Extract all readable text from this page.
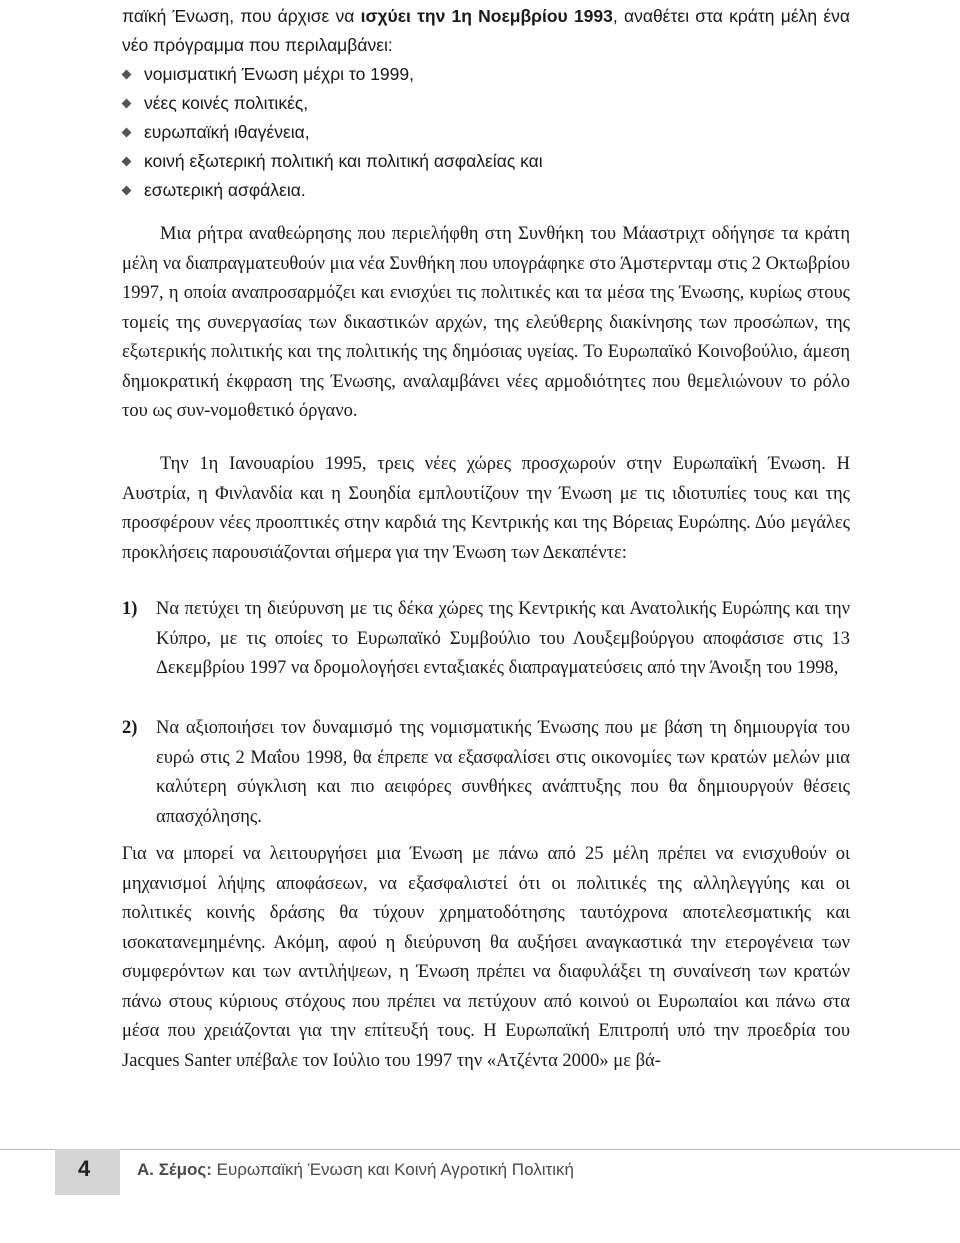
παϊκή Ένωση, που άρχισε να ισχύει την 1η Νοεμβρίου 1993, αναθέτει στα κράτη μέλη ένα νέο πρόγραμμα που περιλαμβάνει:

νομισματική Ένωση μέχρι το 1999,
νέες κοινές πολιτικές,
ευρωπαϊκή ιθαγένεια,
κοινή εξωτερική πολιτική και πολιτική ασφαλείας και
εσωτερική ασφάλεια.

Μια ρήτρα αναθεώρησης που περιελήφθη στη Συνθήκη του Μάαστριχτ οδήγησε τα κράτη μέλη να διαπραγματευθούν μια νέα Συνθήκη που υπογράφηκε στο Άμστερνταμ στις 2 Οκτωβρίου 1997, η οποία αναπροσαρμόζει και ενισχύει τις πολιτικές και τα μέσα της Ένωσης, κυρίως στους τομείς της συνεργασίας των δικαστικών αρχών, της ελεύθερης διακίνησης των προσώπων, της εξωτερικής πολιτικής και της πολιτικής της δημόσιας υγείας. Το Ευρωπαϊκό Κοινοβούλιο, άμεση δημοκρατική έκφραση της Ένωσης, αναλαμβάνει νέες αρμοδιότητες που θεμελιώνουν το ρόλο του ως συν-νομοθετικό όργανο.

Την 1η Ιανουαρίου 1995, τρεις νέες χώρες προσχωρούν στην Ευρωπαϊκή Ένωση. Η Αυστρία, η Φινλανδία και η Σουηδία εμπλουτίζουν την Ένωση με τις ιδιοτυπίες τους και της προσφέρουν νέες προοπτικές στην καρδιά της Κεντρικής και της Βόρειας Ευρώπης. Δύο μεγάλες προκλήσεις παρουσιάζονται σήμερα για την Ένωση των Δεκαπέντε:

1) Να πετύχει τη διεύρυνση με τις δέκα χώρες της Κεντρικής και Ανατολικής Ευρώπης και την Κύπρο, με τις οποίες το Ευρωπαϊκό Συμβούλιο του Λουξεμβούργου αποφάσισε στις 13 Δεκεμβρίου 1997 να δρομολογήσει ενταξιακές διαπραγματεύσεις από την Άνοιξη του 1998,
2) Να αξιοποιήσει τον δυναμισμό της νομισματικής Ένωσης που με βάση τη δημιουργία του ευρώ στις 2 Μαΐου 1998, θα έπρεπε να εξασφαλίσει στις οικονομίες των κρατών μελών μια καλύτερη σύγκλιση και πιο αειφόρες συνθήκες ανάπτυξης που θα δημιουργούν θέσεις απασχόλησης.

Για να μπορεί να λειτουργήσει μια Ένωση με πάνω από 25 μέλη πρέπει να ενισχυθούν οι μηχανισμοί λήψης αποφάσεων, να εξασφαλιστεί ότι οι πολιτικές της αλληλεγγύης και οι πολιτικές κοινής δράσης θα τύχουν χρηματοδότησης ταυτόχρονα αποτελεσματικής και ισοκατανεμημένης. Ακόμη, αφού η διεύρυνση θα αυξήσει αναγκαστικά την ετερογένεια των συμφερόντων και των αντιλήψεων, η Ένωση πρέπει να διαφυλάξει τη συναίνεση των κρατών πάνω στους κύριους στόχους που πρέπει να πετύχουν από κοινού οι Ευρωπαίοι και πάνω στα μέσα που χρειάζονται για την επίτευξή τους. Η Ευρωπαϊκή Επιτροπή υπό την προεδρία του Jacques Santer υπέβαλε τον Ιούλιο του 1997 την «Ατζέντα 2000» με βά-

4	Α. Σέμος: Ευρωπαϊκή Ένωση και Κοινή Αγροτική Πολιτική
